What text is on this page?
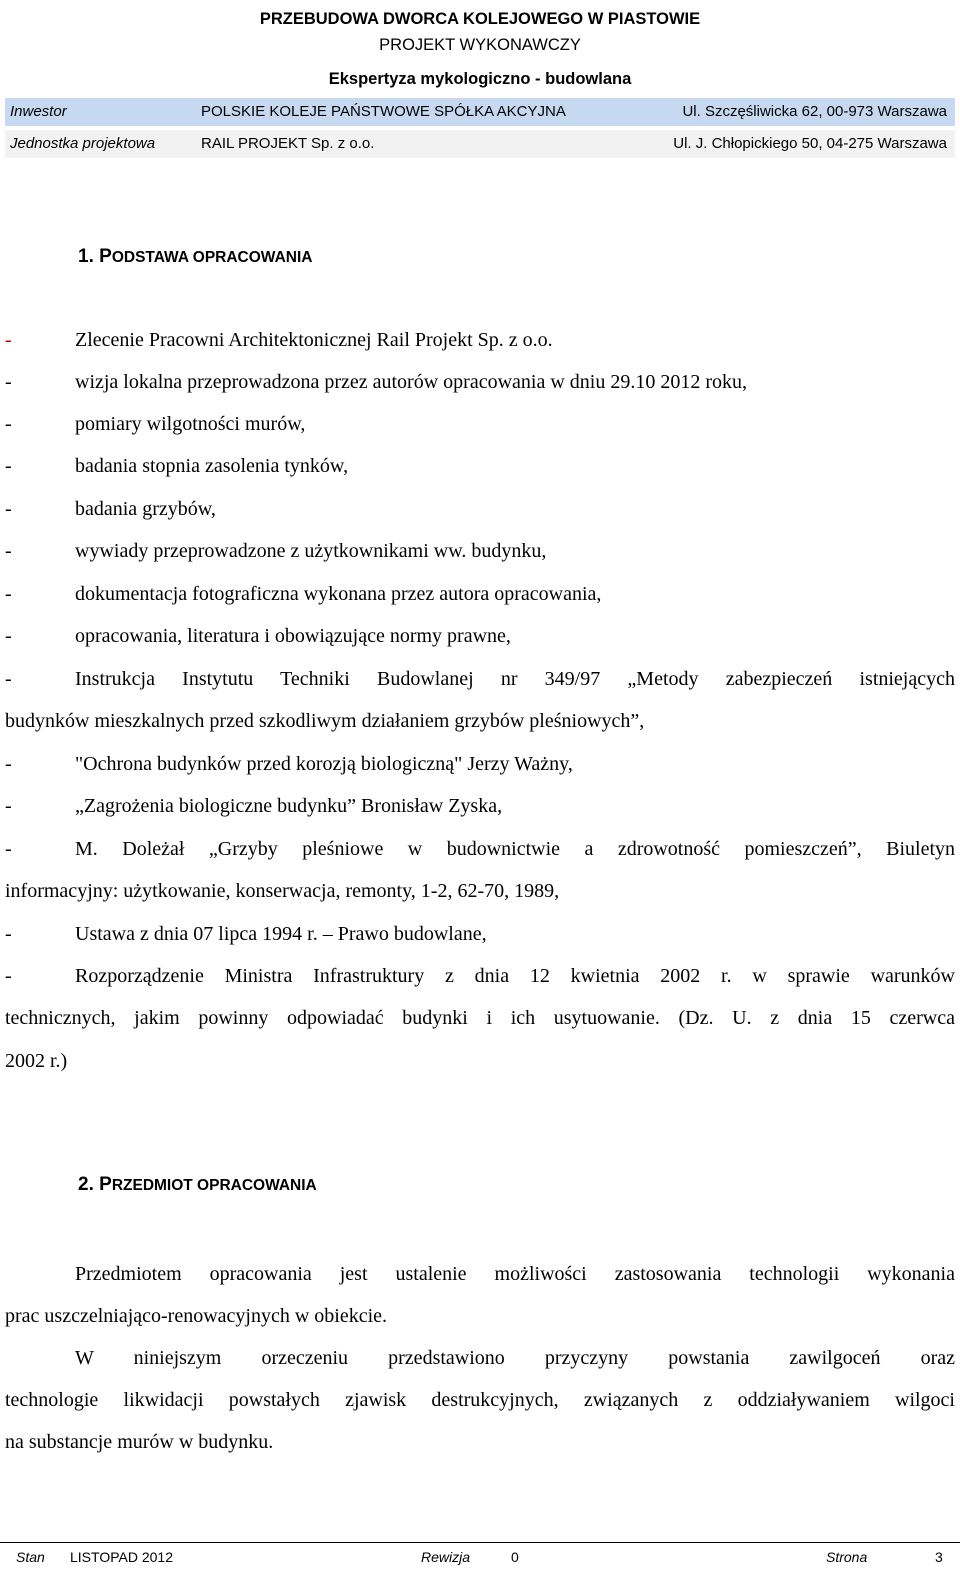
PRZEBUDOWA DWORCA KOLEJOWEGO W PIASTOWIE
PROJEKT WYKONAWCZY
Ekspertyza mykologiczno - budowlana
Inwestor	POLSKIE KOLEJE PAŃSTWOWE SPÓŁKA AKCYJNA	Ul. Szczęśliwicka 62, 00-973 Warszawa
Jednostka projektowa	RAIL PROJEKT Sp. z o.o.	Ul. J. Chłopickiego 50, 04-275 Warszawa
1. PODSTAWA OPRACOWANIA
-	Zlecenie Pracowni Architektonicznej Rail Projekt Sp. z o.o.
-	wizja lokalna przeprowadzona przez autorów opracowania w dniu 29.10 2012 roku,
-	pomiary wilgotności murów,
-	badania stopnia zasolenia tynków,
-	badania grzybów,
-	wywiady przeprowadzone z użytkownikami ww. budynku,
-	dokumentacja fotograficzna wykonana przez autora opracowania,
-	opracowania, literatura i obowiązujące normy prawne,
-	Instrukcja Instytutu Techniki Budowlanej nr 349/97 „Metody zabezpieczeń istniejących
budynków mieszkalnych przed szkodliwym działaniem grzybów pleśniowych”,
-	"Ochrona budynków przed korozją biologiczną" Jerzy Ważny,
-	„Zagrożenia biologiczne budynku” Bronisław Zyska,
-	M. Doleżał „Grzyby pleśniowe w budownictwie a zdrowotność pomieszczeń”, Biuletyn
informacyjny: użytkowanie, konserwacja, remonty, 1-2, 62-70, 1989,
-	Ustawa z dnia 07 lipca 1994 r. – Prawo budowlane,
-	Rozporządzenie Ministra Infrastruktury z dnia 12 kwietnia 2002 r. w sprawie warunków
technicznych, jakim powinny odpowiadać budynki i ich usytuowanie. (Dz. U. z dnia 15 czerwca
2002 r.)
2. PRZEDMIOT OPRACOWANIA
Przedmiotem opracowania jest ustalenie możliwości zastosowania technologii wykonania
prac uszczelniająco-renowacyjnych w obiekcie.
W niniejszym orzeczeniu przedstawiono przyczyny powstania zawilgoceń oraz
technologie likwidacji powstałych zjawisk destrukcyjnych, związanych z oddziaływaniem wilgoci
na substancje murów w budynku.
Stan LISTOPAD 2012	Rewizja	0	Strona	3
